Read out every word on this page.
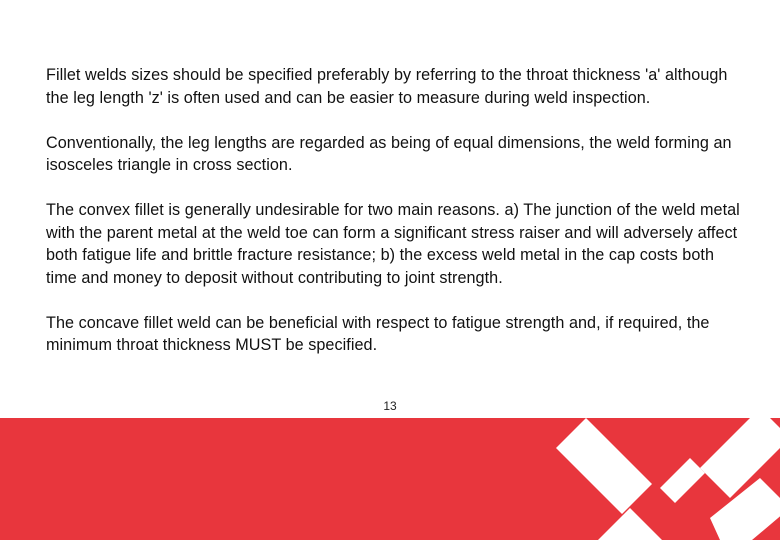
Fillet welds sizes should be specified preferably by referring to the throat thickness 'a' although the leg length 'z' is often used and can be easier to measure during weld inspection.

Conventionally, the leg lengths are regarded as being of equal dimensions, the weld forming an isosceles triangle in cross section.

The convex fillet is generally undesirable for two main reasons. a) The junction of the weld metal with the parent metal at the weld toe can form a significant stress raiser and will adversely affect both fatigue life and brittle fracture resistance; b) the excess weld metal in the cap costs both time and money to deposit without contributing to joint strength.

The concave fillet weld can be beneficial with respect to fatigue strength and, if required, the minimum throat thickness MUST be specified.

13
